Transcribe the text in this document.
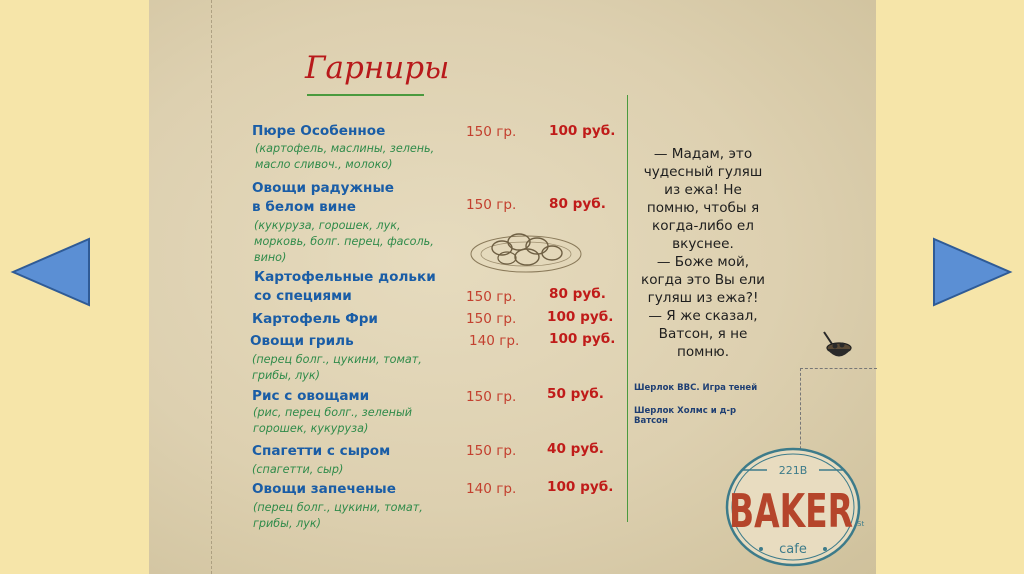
Гарниры
Пюре Особенное
(картофель, маслины, зелень, масло сливоч., молоко)
150 гр. 100 руб.
Овощи радужные в белом вине
(кукуруза, горошек, лук, морковь, болг. перец, фасоль, вино)
150 гр. 80 руб.
Картофельные дольки со специями	150 гр. 80 руб.
Картофель Фри	150 гр. 100 руб.
Овощи гриль
(перец болг., цукини, томат, грибы, лук)
140 гр. 100 руб.
Рис с овощами
(рис, перец болг., зеленый горошек, кукуруза)
150 гр. 50 руб.
Спагетти с сыром
(спагетти, сыр)
150 гр. 40 руб.
Овощи запеченые
(перец болг., цукини, томат, грибы, лук)
140 гр. 100 руб.
— Мадам, это
чудесный гуляш
из ежа! Не
помню, чтобы я
когда-либо ел
вкуснее.
— Боже мой,
когда это Вы ели
гуляш из ежа?!
— Я же сказал,
Ватсон, я не
помню.
Шерлок BBC. Игра теней
Шерлок Холмс и д-р
Ватсон
221B
BAKER St
cafe
